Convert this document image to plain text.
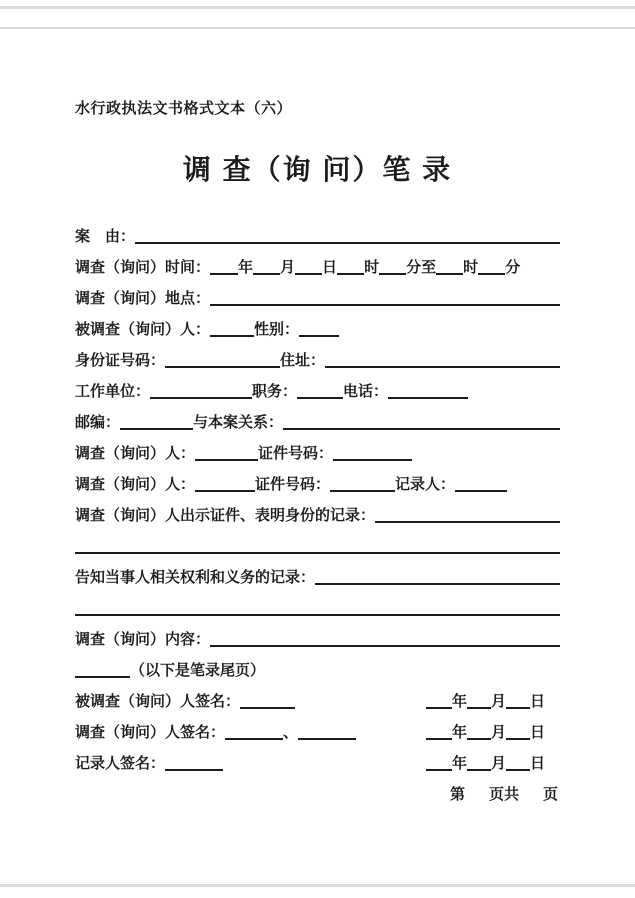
水行政执法文书格式文本（六）
调 查（询 问）笔 录
案　由：
调查（询问）时间： 年 月 日 时 分至 时 分
调查（询问）地点：
被调查（询问）人：	性别：
身份证号码：	住址：
工作单位：	职务：	电话：
邮编：	与本案关系：
调查（询问）人：	证件号码：
调查（询问）人：	证件号码：	记录人：
调查（询问）人出示证件、表明身份的记录：
告知当事人相关权利和义务的记录：
调查（询问）内容：
（以下是笔录尾页）
被调查（询问）人签名：	年 月 日
调查（询问）人签名：	、	年 月 日
记录人签名：	年 月 日
第 页共 页
